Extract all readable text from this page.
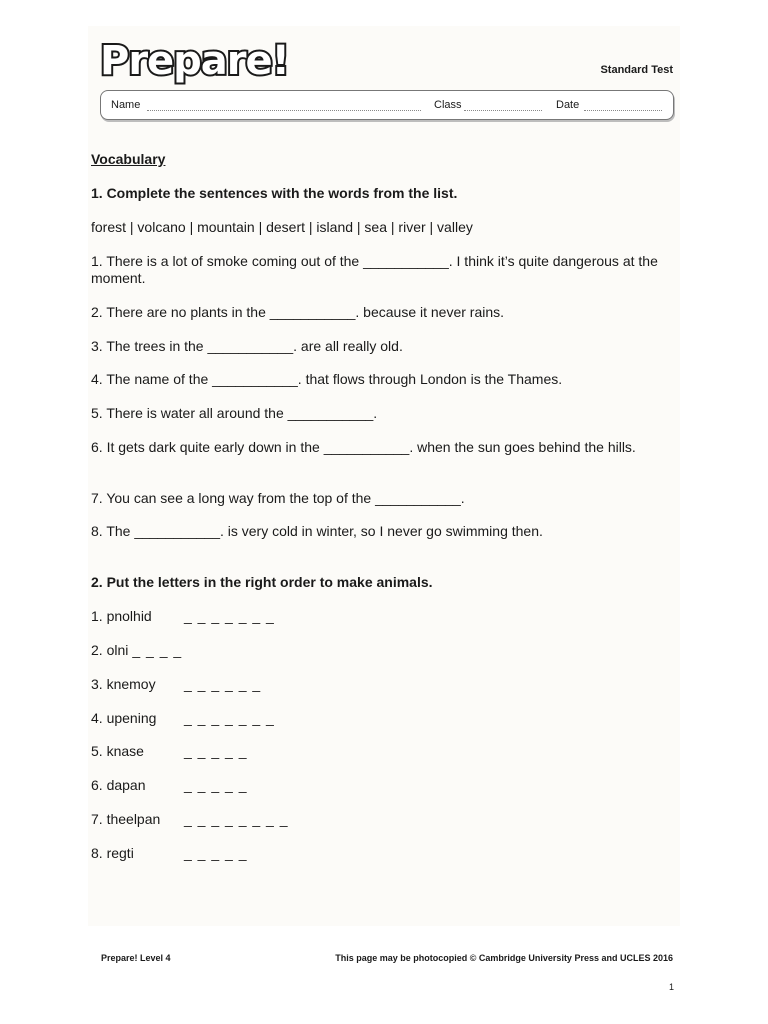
Prepare!	Standard Test
Name	Class	Date
Vocabulary
1. Complete the sentences with the words from the list.
forest | volcano | mountain | desert | island | sea | river | valley
1. There is a lot of smoke coming out of the ___________. I think it’s quite dangerous at the moment.
2. There are no plants in the ___________. because it never rains.
3. The trees in the ___________. are all really old.
4. The name of the ___________. that flows through London is the Thames.
5. There is water all around the ___________.
6. It gets dark quite early down in the ___________. when the sun goes behind the hills.
7. You can see a long way from the top of the ___________.
8. The ___________. is very cold in winter, so I never go swimming then.
2. Put the letters in the right order to make animals.
1. pnolhid _ _ _ _ _ _ _
2. olni _ _ _ _
3. knemoy _ _ _ _ _ _
4. upening _ _ _ _ _ _ _
5. knase	_ _ _ _ _
6. dapan	_ _ _ _ _
7. theelpan _ _ _ _ _ _ _ _
8. regti	_ _ _ _ _
Prepare! Level 4	This page may be photocopied © Cambridge University Press and UCLES 2016
1
